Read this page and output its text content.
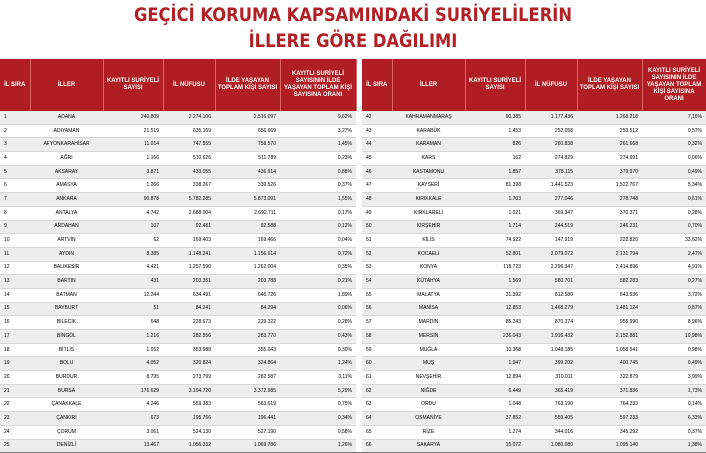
GEÇİCİ KORUMA KAPSAMINDAKİ SURİYELİLERİN
İLLERE GÖRE DAĞILIMI
İL SIRA	İLLER	KAYITLI SURİYELİ SAYISI	İL NÜFUSU	İLDE YAŞAYAN TOPLAM KİŞİ SAYISI	KAYITLI SURİYELİ SAYISININ İLDE YAŞAYAN TOPLAM KİŞİ SAYISINA ORANI		İL SIRA	İLLER	KAYITLI SURİYELİ SAYISI	İL NÜFUSU	İLDE YAŞAYAN TOPLAM KİŞİ SAYISI	KAYITLI SURİYELİ SAYISININ İLDE YAŞAYAN TOPLAM KİŞİ SAYISINA ORANI
1	ADANA	240.809	2.274.106	2.516.097	9,62%		42	KAHRAMANMARAŞ	90.385	1.177.436	1.268.218	7,16%
2	ADIYAMAN	21.519	635.169	656.669	3,27%		43	KARABÜK	1.453	252.058	253.512	0,57%
3	AFYONKARAHİSAR	11.014	747.555	758.570	1,45%		44	KARAMAN	826	260.838	261.668	0,32%
4	AĞRI	1.166	510.626	511.789	0,23%		45	KARS	162	274.829	274.991	0,06%
5	AKSARAY	3.871	433.055	436.914	0,88%		46	KASTAMONU	1.857	378.115	379.970	0,49%
6	AMASYA	1.266	338.267	339.526	0,37%		47	KAYSERİ	81.398	1.441.523	1.522.767	5,34%
7	ANKARA	90.878	5.782.285	5.873.091	1,55%		48	KIRIKKALE	1.703	277.046	278.748	0,61%
8	ANTALYA	4.742	2.688.004	2.692.711	0,17%		49	KIRKLARELİ	1.021	369.347	370.371	0,28%
9	ARDAHAN	107	92.481	92.588	0,12%		50	KIRŞEHİR	1.714	244.519	246.231	0,70%
10	ARTVİN	62	169.403	169.466	0,04%		51	KİLİS	74.922	147.919	222.820	33,62%
11	AYDIN	8.385	1.148.241	1.156.614	0,72%		52	KOCAELİ	52.801	2.079.072	2.131.794	2,47%
12	BALIKESİR	4.421	1.257.590	1.262.004	0,35%		53	KONYA	118.723	2.296.347	2.414.896	4,91%
13	BARTIN	431	203.351	203.788	0,21%		54	KÜTAHYA	1.569	580.701	582.283	0,27%
14	BATMAN	12.244	634.491	646.726	1,89%		55	MALATYA	31.392	812.580	843.936	3,72%
15	BAYBURT	51	84.241	84.294	0,06%		56	MANİSA	12.853	1.468.279	1.481.124	0,87%
16	BİLECİK	648	228.673	229.322	0,28%		57	MARDİN	85.243	870.374	955.990	8,96%
17	BİNGÖL	1.216	282.556	283.770	0,43%		58	MERSİN	236.043	1.916.432	2.152.881	10,98%
18	BİTLİS	1.052	353.988	355.043	0,30%		59	MUĞLA	10.368	1.048.185	1.058.541	0,98%
19	BOLU	4.052	320.824	324.864	1,24%		60	MUŞ	1.947	399.202	400.745	0,49%
20	BURDUR	8.795	273.799	282.587	3,11%		61	NEVŞEHİR	12.894	310.011	322.879	3,99%
21	BURSA	176.629	3.194.720	3.372.985	5,29%		62	NİĞDE	6.449	365.419	371.836	1,73%
22	ÇANAKKALE	4.246	559.383	563.619	0,75%		63	ORDU	1.048	763.190	764.233	0,14%
23	ÇANKIRI	673	195.766	196.441	0,34%		64	OSMANİYE	37.852	559.405	597.233	6,33%
24	ÇORUM	3.061	524.130	527.190	0,58%		65	RİZE	1.274	344.016	345.292	0,37%
25	DENİZLİ	13.467	1.056.332	1.069.786	1,26%		66	SAKARYA	15.072	1.080.080	1.095.140	1,38%
